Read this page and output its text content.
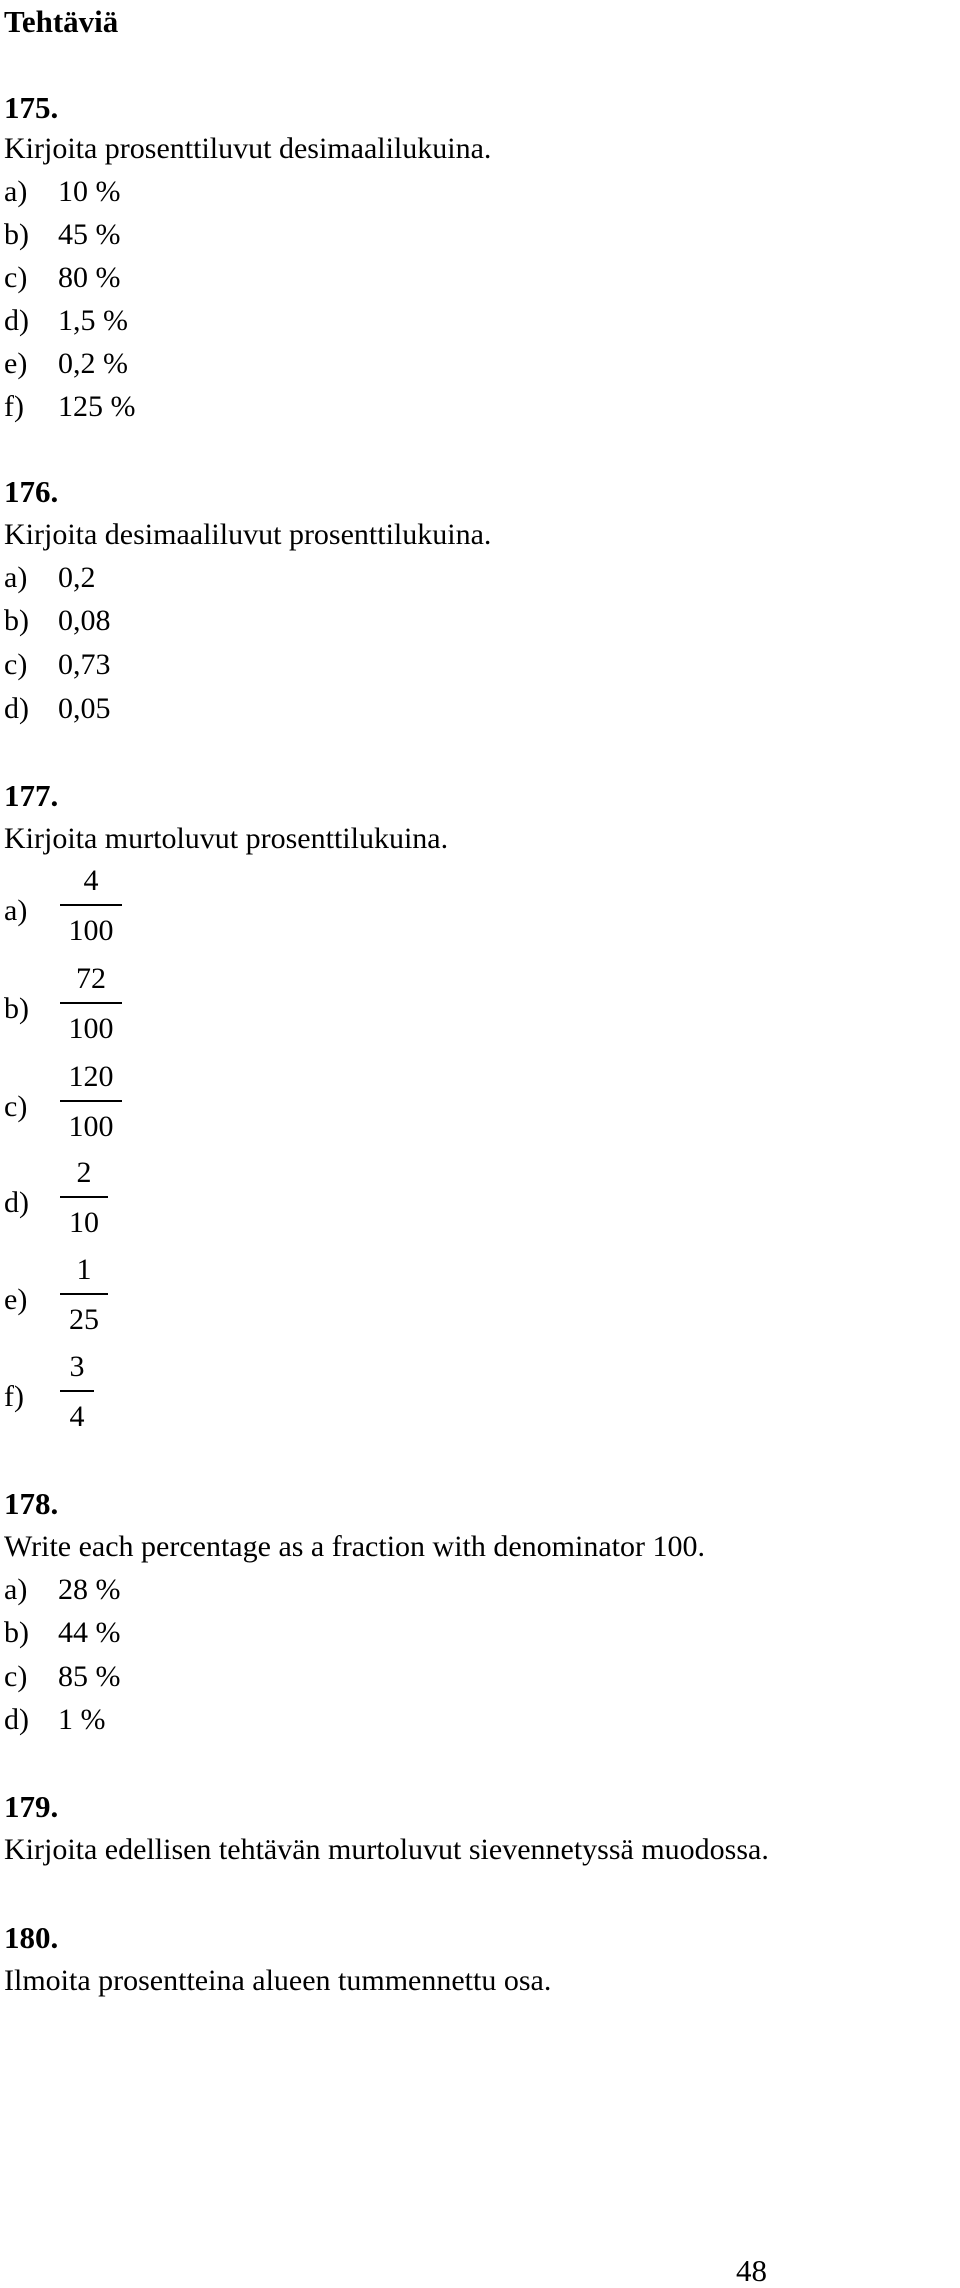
Tehtäviä
175.
Kirjoita prosenttiluvut desimaalilukuina.
a) 10 %
b) 45 %
c) 80 %
d) 1,5 %
e) 0,2 %
f) 125 %
176.
Kirjoita desimaaliluvut prosenttilukuina.
a) 0,2
b) 0,08
c) 0,73
d) 0,05
177.
Kirjoita murtoluvut prosenttilukuina.
a)
4
100
b)
72
100
c)
120
100
d)
2
10
e)
1
25
f)
3
4
178.
Write each percentage as a fraction with denominator 100.
a) 28 %
b) 44 %
c) 85 %
d) 1 %
179.
Kirjoita edellisen tehtävän murtoluvut sievennetyssä muodossa.
180.
Ilmoita prosentteina alueen tummennettu osa.
48
